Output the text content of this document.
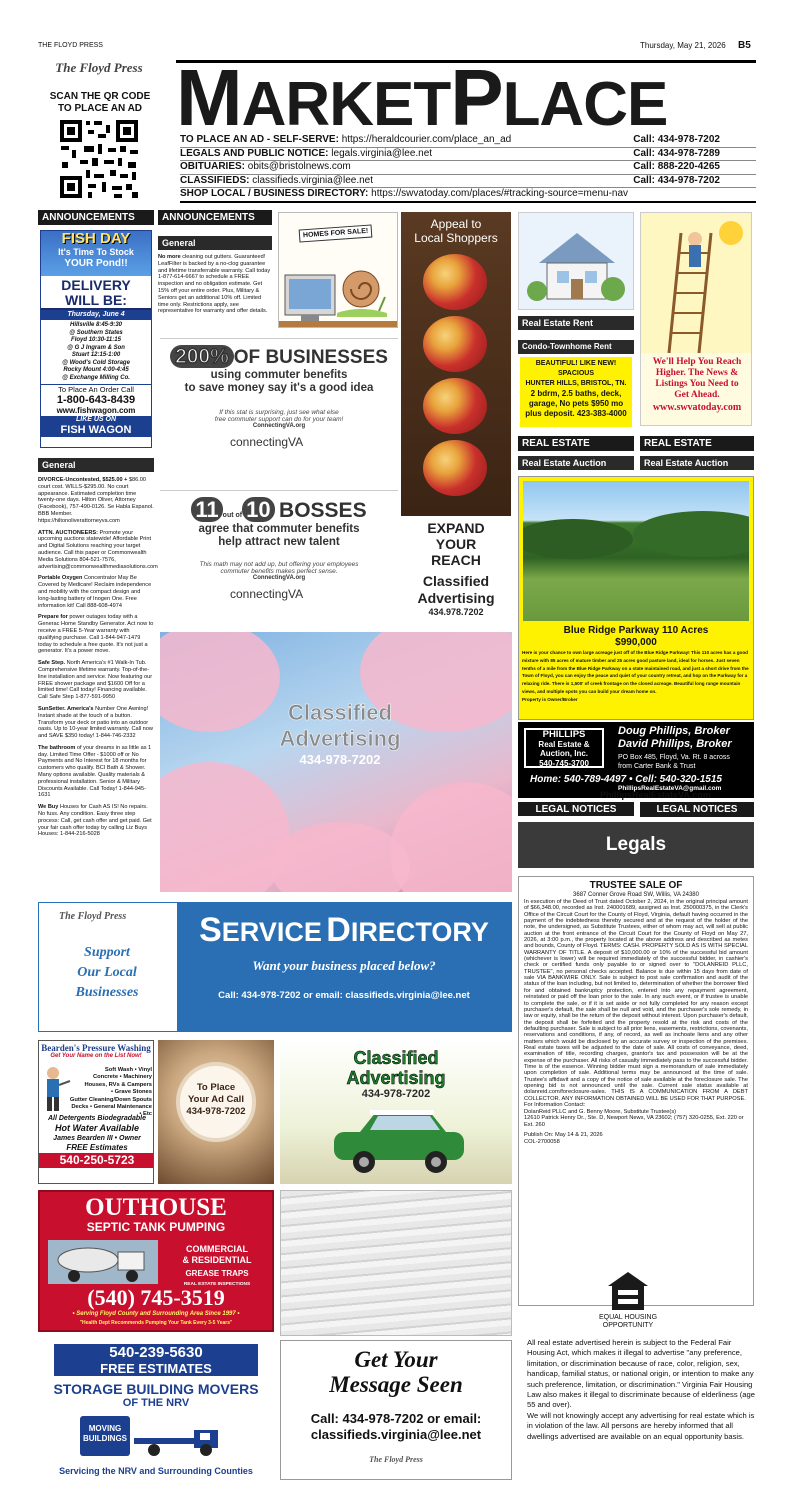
THE FLOYD PRESS	Thursday, May 21, 2026 B5
The Floyd Press
SCAN THE QR CODE
TO PLACE AN AD MARKETPLACE
TO PLACE AN AD - SELF-SERVE: https://heraldcourier.com/place_an_ad	Call: 434-978-7202
LEGALS AND PUBLIC NOTICE: legals.virginia@lee.net	Call: 434-978-7289
OBITUARIES: obits@bristolnews.com	Call: 888-220-4265
CLASSIFIEDS: classifieds.virginia@lee.net	Call: 434-978-7202
SHOP LOCAL / BUSINESS DIRECTORY: https://swvatoday.com/places/#tracking-source=menu-nav
ANNOUNCEMENTS
FISH DAY
It's Time To Stock
YOUR Pond!!
DELIVERY
WILL BE:
Thursday, June 4
Hillsville 8:45-9:30
@ Southern States
Floyd 10:30-11:15
@ G J Ingram & Son
Stuart 12:15-1:00
@ Wood's Cold Storage
Rocky Mount 4:00-4:45
@ Exchange Milling Co.
To Place An Order Call
1-800-643-8439
www.fishwagon.com
LIKE US ON
FISH WAGON
General

DIVORCE-Uncontested, $525.00 + $86.00 court cost. WILLS-$295.00. No court appearance. Estimated completion time twenty-one days. Hilton Oliver, Attorney (Facebook), 757-490-0126. Se Habla Espanol. BBB Member. https://hiltonoliverattorneyva.com

ATTN. AUCTIONEERS: Promote your upcoming auctions statewide! Affordable Print and Digital Solutions reaching your target audience. Call this paper or Commonwealth Media Solutions 804-521-7576, advertising@commonwealthmediasolutions.com

Portable Oxygen Concentrator May Be Covered by Medicare! Reclaim independence and mobility with the compact design and long-lasting battery of Inogen One. Free information kit! Call 888-608-4974

Prepare for power outages today with a Generac Home Standby Generator. Act now to receive a FREE 5-Year warranty with qualifying purchase. Call 1-844-947-1479 today to schedule a free quote. It's not just a generator. It's a power move.

Safe Step. North America's #1 Walk-In Tub. Comprehensive lifetime warranty. Top-of-the-line installation and service. Now featuring our FREE shower package and $1600 Off for a limited time! Call today! Financing available. Call Safe Step 1-877-591-9950

SunSetter. America's Number One Awning! Instant shade at the touch of a button. Transform your deck or patio into an outdoor oasis. Up to 10-year limited warranty. Call now and SAVE $350 today! 1-844-746-2332

The bathroom of your dreams in as little as 1 day. Limited Time Offer - $1000 off or No Payments and No Interest for 18 months for customers who qualify. BCI Bath & Shower. Many options available. Quality materials & professional installation. Senior & Military Discounts Available. Call Today! 1-844-945-1631

We Buy Houses for Cash AS IS! No repairs. No fuss. Any condition. Easy three step process: Call, get cash offer and get paid. Get your fair cash offer today by calling Liz Buys Houses: 1-844-216-5028

ANNOUNCEMENTS
General

No more cleaning out gutters. Guaranteed! LeafFilter is backed by a no-clog guarantee and lifetime transferrable warranty. Call today 1-877-614-6667 to schedule a FREE inspection and no obligation estimate. Get 15% off your entire order. Plus, Military & Seniors get an additional 10% off. Limited time only. Restrictions apply, see representative for warranty and offer details.

HOMES FOR SALE!
200% OF BUSINESSES
using commuter benefits
to save money say it's a good idea
If this stat is surprising, just see what else
free commuter support can do for your team!
ConnectingVA.org
connectingVA
11 out of 10 BOSSES
agree that commuter benefits
help attract new talent
This math may not add up, but offering your employees
commuter benefits makes perfect sense.
ConnectingVA.org
connectingVA
Appeal to
Local Shoppers
EXPAND
YOUR
REACH
Classified
Advertising
434.978.7202
Classified
Advertising
434-978-7202
Real Estate Rent
Condo-Townhome Rent
BEAUTIFUL! LIKE NEW!
SPACIOUS
HUNTER HILLS, BRISTOL, TN.
2 bdrm, 2.5 baths, deck,
garage, No pets $950 mo
plus deposit. 423-383-4000
We'll Help You Reach
Higher. The News &
Listings You Need to
Get Ahead.
www.swvatoday.com
REAL ESTATE	REAL ESTATE
Real Estate Auction	Real Estate Auction
Blue Ridge Parkway 110 Acres
$990,000
Here is your chance to own large acreage just off of the Blue Ridge Parkway! This 110 acres has a good mixture with 85 acres of mature timber and 25 acres good pasture land, ideal for horses. Just seven tenths of a mile from the Blue Ridge Parkway on a state maintained road, and just a short drive from the Town of Floyd, you can enjoy the peace and quiet of your country retreat, and hop on the Parkway for a relaxing ride. There is 1,500' of creek frontage on the closed acreage. Beautiful long range mountain views, and multiple spots you can build your dream home on.
Property is Owner/Broker
PHILLIPS
Real Estate &
Auction, Inc.
540-745-3700
Doug Phillips, Broker
David Phillips, Broker
PO Box 485, Floyd, Va. Rt. 8 across
from Carter Bank & Trust
Home: 540-789-4497 • Cell: 540-320-1515
PhillipsRealEstateVA@gmail.com
PhillipsRealEstateVA.com
LEGAL NOTICES	LEGAL NOTICES
Legals
TRUSTEE SALE OF
3687 Conner Grove Road SW, Willis, VA 24380
In execution of the Deed of Trust dated October 2, 2024, in the original principal amount of $66,348.00, recorded as Inst. 240001689, assigned as Inst. 250000375, in the Clerk's Office of the Circuit Court for the County of Floyd, Virginia, default having occurred in the payment of the indebtedness thereby secured and at the request of the holder of the note, the undersigned, as Substitute Trustees, either of whom may act, will sell at public auction at the front entrance of the Circuit Court for the County of Floyd on May 27, 2026, at 3:00 p.m., the property located at the above address and described as metes and bounds, County of Floyd. TERMS: CASH. PROPERTY SOLD AS IS WITH SPECIAL WARRANTY OF TITLE. A deposit of $10,000.00 or 10% of the successful bid amount (whichever is lower) will be required immediately of the successful bidder, in cashier's check or certified funds only payable to or signed over to "DOLANREID PLLC, TRUSTEE", no personal checks accepted. Balance is due within 15 days from date of sale VIA BANKWIRE ONLY. Sale is subject to post sale confirmation and audit of the status of the loan including, but not limited to, determination of whether the borrower filed for and obtained bankruptcy protection, entered into any repayment agreement, reinstated or paid off the loan prior to the sale. In any such event, or if trustee is unable to complete the sale, or if it is set aside or not fully completed for any reason except purchaser's default, the sale shall be null and void, and the purchaser's sole remedy, in law or equity, shall be the return of the deposit without interest. Upon purchaser's default, the deposit shall be forfeited and the property resold at the risk and costs of the defaulting purchaser. Sale is subject to all prior liens, easements, restrictions, covenants, reservations and conditions, if any, of record, as well as inchoate liens and any other matters which would be disclosed by an accurate survey or inspection of the premises. Real estate taxes will be adjusted to the date of sale. All costs of conveyance, deed, examination of title, recording charges, grantor's tax and possession will be at the expense of the purchaser. All risks of casualty immediately pass to the successful bidder. Time is of the essence. Winning bidder must sign a memorandum of sale immediately upon completion of sale. Additional terms may be announced at the time of sale. Trustee's affidavit and a copy of the notice of sale available at the foreclosure sale. The opening bid is not announced until the sale. Current sale status available at dolanreid.com/foreclosure-sales. THIS IS A COMMUNICATION FROM A DEBT COLLECTOR. ANY INFORMATION OBTAINED WILL BE USED FOR THAT PURPOSE.
For Information Contact:
DolanReid PLLC and G. Benny Moore, Substitute Trustee(s)
12610 Patrick Henry Dr., Ste. D, Newport News, VA 23602; (757) 320-0255, Ext. 220 or Ext. 260
Publish On: May 14 & 21, 2026
COL-2700058
EQUAL HOUSING
OPPORTUNITY
All real estate advertised herein is subject to the Federal Fair Housing Act, which makes it illegal to advertise "any preference, limitation, or discrimination because of race, color, religion, sex, handicap, familial status, or national origin, or intention to make any such preference, limitation, or discrimination." Virginia Fair Housing Law also makes it illegal to discriminate because of elderliness (age 55 and over).
We will not knowingly accept any advertising for real estate which is in violation of the law. All persons are hereby informed that all dwellings advertised are available on an equal opportunity basis.
Support
Our Local
Businesses
The Floyd Press	SERVICE DIRECTORY
Want your business placed below?
Call: 434-978-7202 or email: classifieds.virginia@lee.net
Bearden's Pressure Washing
Get Your Name on the List Now!
Soft Wash • Vinyl
Concrete • Machinery
Houses, RVs & Campers
• Grave Stones
Gutter Cleaning/Down Spouts
Decks • General Maintenance • Etc
All Detergents Biodegradable
Hot Water Available
James Bearden III • Owner
FREE Estimates
540-250-5723
To Place
Your Ad Call
434-978-7202
Classified
Advertising
434-978-7202
OUTHOUSE
SEPTIC TANK PUMPING
COMMERCIAL
& RESIDENTIAL
GREASE TRAPS
REAL ESTATE INSPECTIONS
(540) 745-3519
• Serving Floyd County and Surrounding Area Since 1997 •
"Health Dept Recommends Pumping Your Tank Every 3-5 Years"
Get Your
Message Seen
Call: 434-978-7202 or email:
classifieds.virginia@lee.net
The Floyd Press
540-239-5630
FREE ESTIMATES
STORAGE BUILDING MOVERS
OF THE NRV
MOVING
BUILDINGS
Servicing the NRV and Surrounding Counties
